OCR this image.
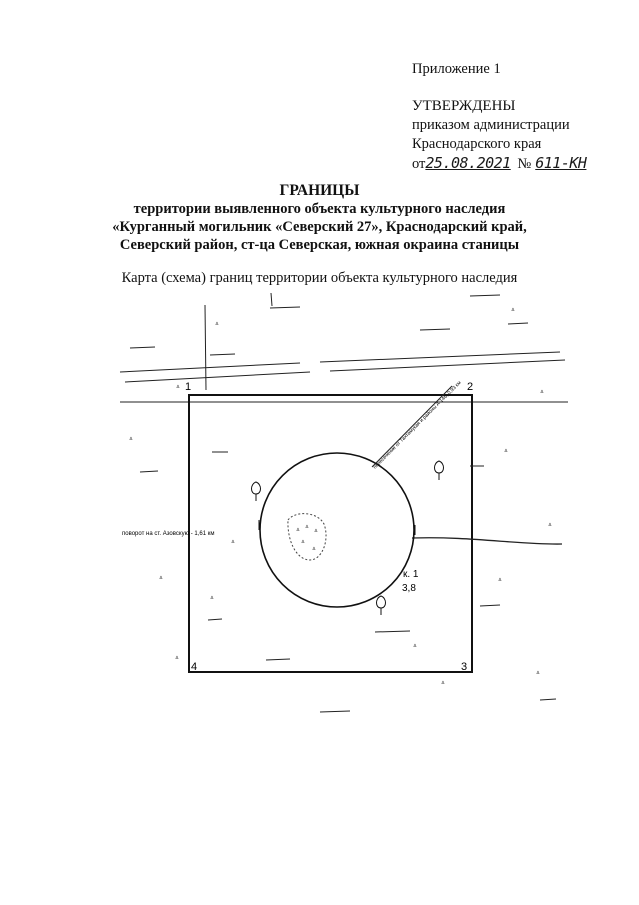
Приложение 1
УТВЕРЖДЕНЫ
приказом администрации
Краснодарского края
от 25.08.2021 № 611-KH
ГРАНИЦЫ
территории выявленного объекта культурного наследия
«Курганный могильник «Северский 27», Краснодарский край,
Северский район, ст-ца Северская, южная окраина станицы
Карта (схема) границ территории объекта культурного наследия
1	2
3
4
пересечение от Тахтамукая и районы А-146, 0,93 км
поворот на ст. Азовскую - 1,61 км
к. 1
3,8
ᐞ
ᐞ
ᐞ
ᐞ
ᐞ
ᐞ
ᐞ
ᐞ
ᐞ
ᐞ
ᐞ
ᐞ
ᐞ
ᐞ
ᐞ
ᐞ ᐞ
ᐞ
ᐞ
ᐞ
